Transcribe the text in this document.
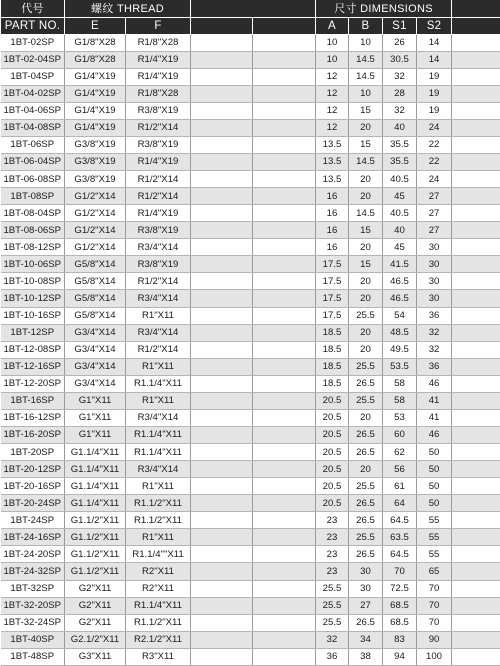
代号	螺纹 THREAD				尺寸 DIMENSIONS				
PART NO.	E	F			A	B	S1	S2	
1BT-02SP	G1/8"X28	R1/8"X28			10	10	26	14	
1BT-02-04SP	G1/8"X28	R1/4"X19			10	14.5	30.5	14	
1BT-04SP	G1/4"X19	R1/4"X19			12	14.5	32	19	
1BT-04-02SP	G1/4"X19	R1/8"X28			12	10	28	19	
1BT-04-06SP	G1/4"X19	R3/8"X19			12	15	32	19	
1BT-04-08SP	G1/4"X19	R1/2"X14			12	20	40	24	
1BT-06SP	G3/8"X19	R3/8"X19			13.5	15	35.5	22	
1BT-06-04SP	G3/8"X19	R1/4"X19			13.5	14.5	35.5	22	
1BT-06-08SP	G3/8"X19	R1/2"X14			13.5	20	40.5	24	
1BT-08SP	G1/2"X14	R1/2"X14			16	20	45	27	
1BT-08-04SP	G1/2"X14	R1/4"X19			16	14.5	40.5	27	
1BT-08-06SP	G1/2"X14	R3/8"X19			16	15	40	27	
1BT-08-12SP	G1/2"X14	R3/4"X14			16	20	45	30	
1BT-10-06SP	G5/8"X14	R3/8"X19			17.5	15	41.5	30	
1BT-10-08SP	G5/8"X14	R1/2"X14			17.5	20	46.5	30	
1BT-10-12SP	G5/8"X14	R3/4"X14			17.5	20	46.5	30	
1BT-10-16SP	G5/8"X14	R1"X11			17.5	25.5	54	36	
1BT-12SP	G3/4"X14	R3/4"X14			18.5	20	48.5	32	
1BT-12-08SP	G3/4"X14	R1/2"X14			18.5	20	49.5	32	
1BT-12-16SP	G3/4"X14	R1"X11			18.5	25.5	53.5	36	
1BT-12-20SP	G3/4"X14	R1.1/4"X11			18.5	26.5	58	46	
1BT-16SP	G1"X11	R1"X11			20.5	25.5	58	41	
1BT-16-12SP	G1"X11	R3/4"X14			20.5	20	53	41	
1BT-16-20SP	G1"X11	R1.1/4"X11			20.5	26.5	60	46	
1BT-20SP	G1.1/4"X11	R1.1/4"X11			20.5	26.5	62	50	
1BT-20-12SP	G1.1/4"X11	R3/4"X14			20.5	20	56	50	
1BT-20-16SP	G1.1/4"X11	R1"X11			20.5	25.5	61	50	
1BT-20-24SP	G1.1/4"X11	R1.1/2"X11			20.5	26.5	64	50	
1BT-24SP	G1.1/2"X11	R1.1/2"X11			23	26.5	64.5	55	
1BT-24-16SP	G1.1/2"X11	R1"X11			23	25.5	63.5	55	
1BT-24-20SP	G1.1/2"X11	R1.1/4""X11			23	26.5	64.5	55	
1BT-24-32SP	G1.1/2"X11	R2"X11			23	30	70	65	
1BT-32SP	G2"X11	R2"X11			25.5	30	72.5	70	
1BT-32-20SP	G2"X11	R1.1/4"X11			25.5	27	68.5	70	
1BT-32-24SP	G2"X11	R1.1/2"X11			25.5	26.5	68.5	70	
1BT-40SP	G2.1/2"X11	R2.1/2"X11			32	34	83	90	
1BT-48SP	G3"X11	R3"X11			36	38	94	100	
